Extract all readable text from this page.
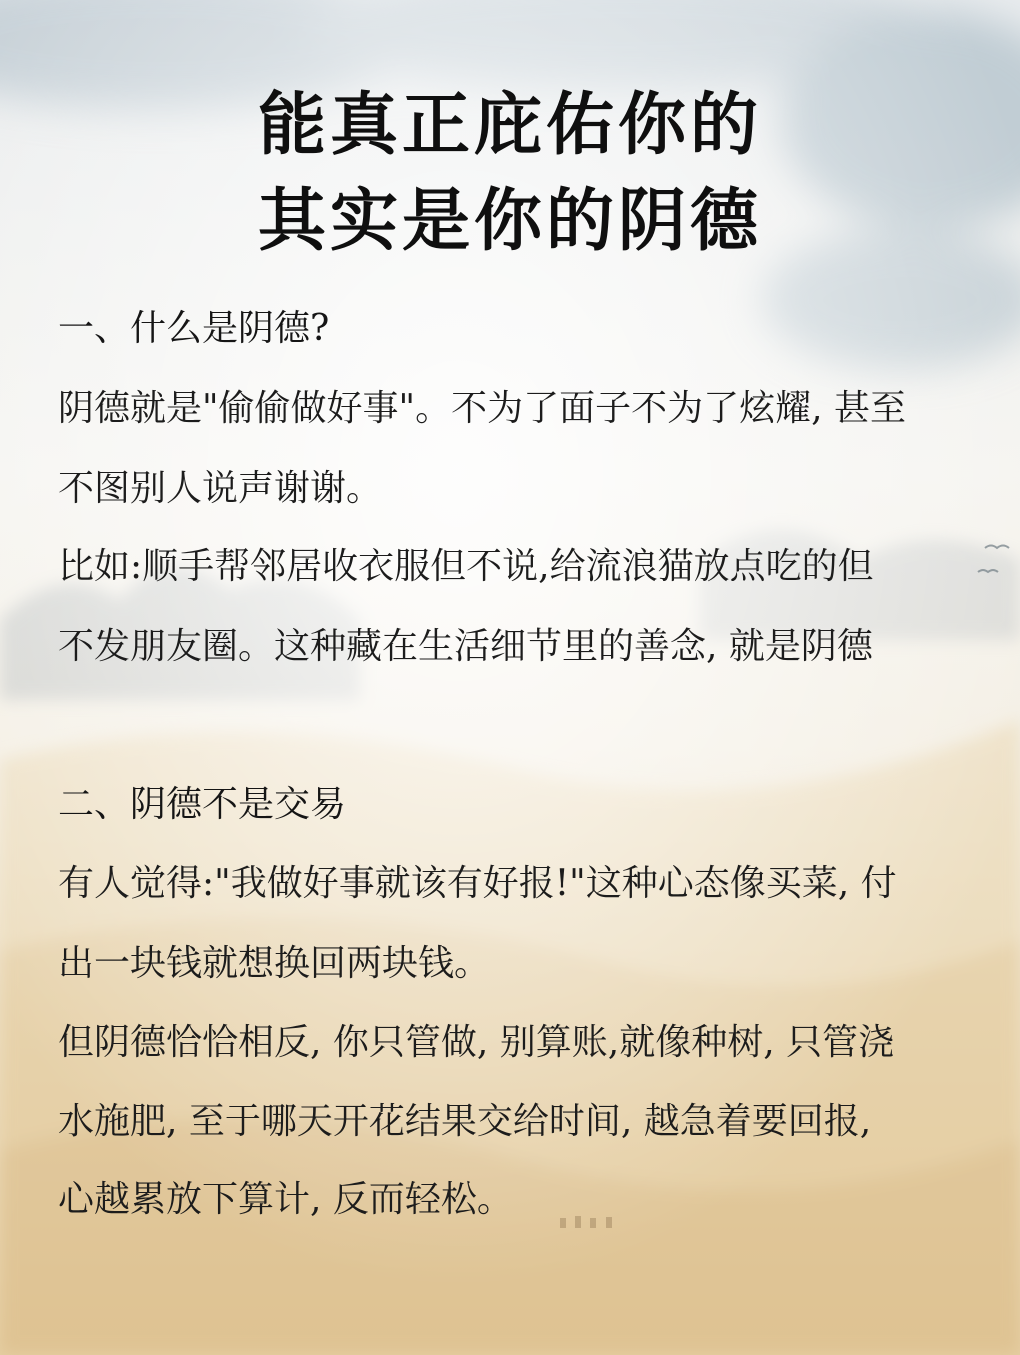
能真正庇佑你的
其实是你的阴德

一、什么是阴德?

阴德就是"偷偷做好事"。不为了面子不为了炫耀, 甚至

不图别人说声谢谢。

比如:顺手帮邻居收衣服但不说,给流浪猫放点吃的但

不发朋友圈。这种藏在生活细节里的善念, 就是阴德

二、阴德不是交易

有人觉得:"我做好事就该有好报!"这种心态像买菜, 付

出一块钱就想换回两块钱。

但阴德恰恰相反, 你只管做, 别算账,就像种树, 只管浇

水施肥, 至于哪天开花结果交给时间, 越急着要回报,

心越累放下算计, 反而轻松。
